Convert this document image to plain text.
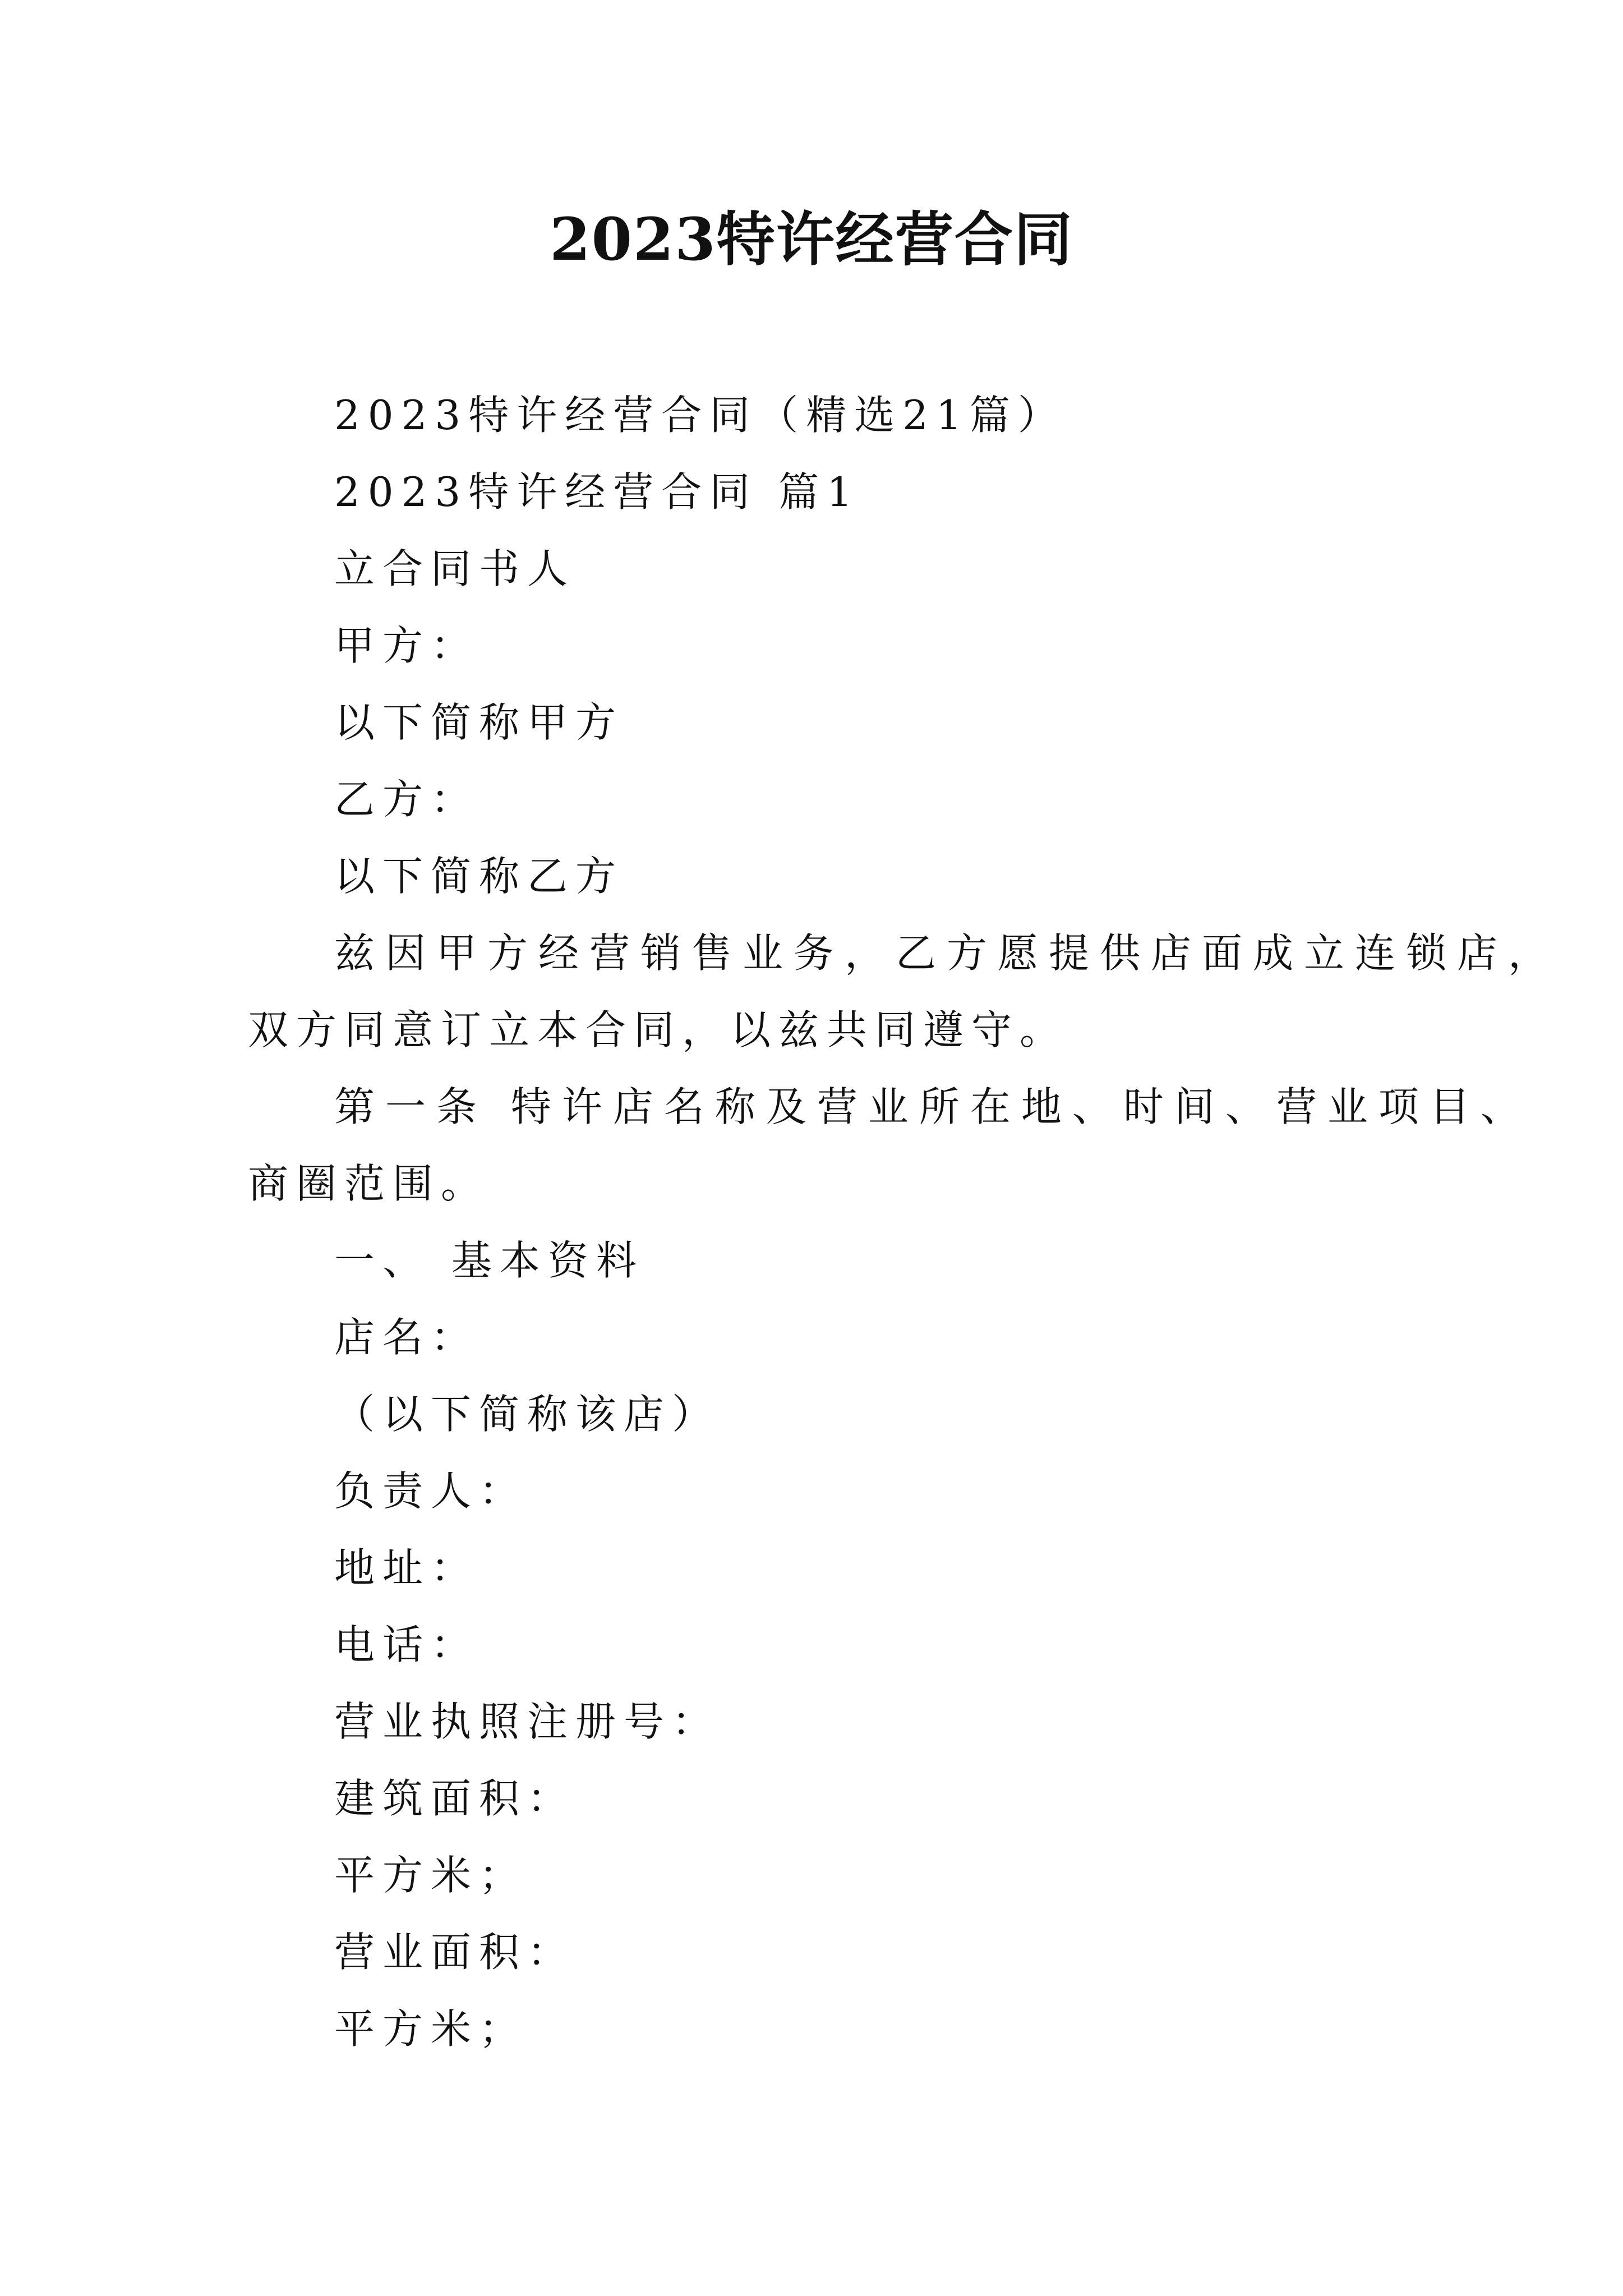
2023特许经营合同
2023特许经营合同（精选21篇）
2023特许经营合同 篇1
立合同书人
甲方：
以下简称甲方
乙方：
以下简称乙方
兹因甲方经营销售业务，乙方愿提供店面成立连锁店，
双方同意订立本合同，以兹共同遵守。
第一条 特许店名称及营业所在地、时间、营业项目、
商圈范围。
一、 基本资料
店名：
（以下简称该店）
负责人：
地址：
电话：
营业执照注册号：
建筑面积：
平方米；
营业面积：
平方米；
